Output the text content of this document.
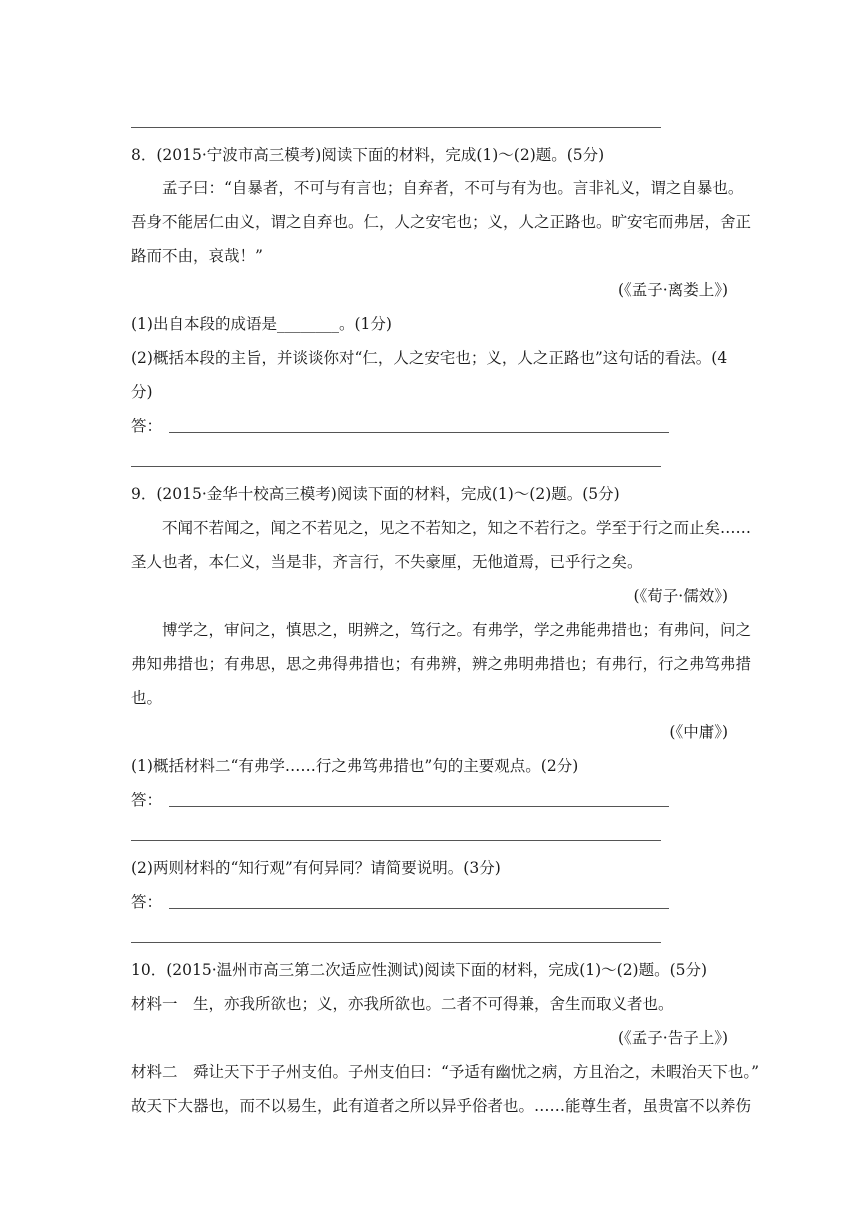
8．(2015·宁波市高三模考)阅读下面的材料，完成(1)～(2)题。(5分)
孟子曰：“自暴者，不可与有言也；自弃者，不可与有为也。言非礼义，谓之自暴也。
吾身不能居仁由义，谓之自弃也。仁，人之安宅也；义，人之正路也。旷安宅而弗居，舍正
路而不由，哀哉！”
(《孟子·离娄上》)
(1)出自本段的成语是________。(1分)
(2)概括本段的主旨，并谈谈你对“仁，人之安宅也；义，人之正路也”这句话的看法。(4
分)
答：
9．(2015·金华十校高三模考)阅读下面的材料，完成(1)～(2)题。(5分)
不闻不若闻之，闻之不若见之，见之不若知之，知之不若行之。学至于行之而止矣……
圣人也者，本仁义，当是非，齐言行，不失豪厘，无他道焉，已乎行之矣。
(《荀子·儒效》)
博学之，审问之，慎思之，明辨之，笃行之。有弗学，学之弗能弗措也；有弗问，问之
弗知弗措也；有弗思，思之弗得弗措也；有弗辨，辨之弗明弗措也；有弗行，行之弗笃弗措
也。
(《中庸》)
(1)概括材料二“有弗学……行之弗笃弗措也”句的主要观点。(2分)
答：
(2)两则材料的“知行观”有何异同？请简要说明。(3分)
答：
10．(2015·温州市高三第二次适应性测试)阅读下面的材料，完成(1)～(2)题。(5分)
材料一　生，亦我所欲也；义，亦我所欲也。二者不可得兼，舍生而取义者也。
(《孟子·告子上》)
材料二　舜让天下于子州支伯。子州支伯曰：“予适有幽忧之病，方且治之，未暇治天下也。”
故天下大器也，而不以易生，此有道者之所以异乎俗者也。……能尊生者，虽贵富不以养伤
